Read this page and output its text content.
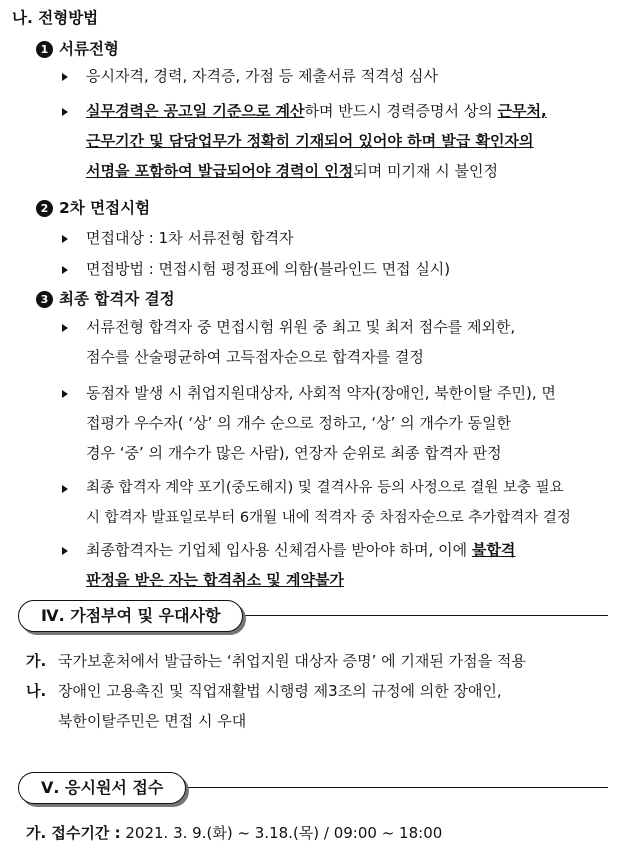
나. 전형방법
1 서류전형
응시자격, 경력, 자격증, 가점 등 제출서류 적격성 심사
실무경력은 공고일 기준으로 계산하며 반드시 경력증명서 상의 근무처,
근무기간 및 담당업무가 정확히 기재되어 있어야 하며 발급 확인자의
서명을 포함하여 발급되어야 경력이 인정되며 미기재 시 불인정
2 2차 면접시험
면접대상 : 1차 서류전형 합격자
면접방법 : 면접시험 평정표에 의함(블라인드 면접 실시)
3 최종 합격자 결정
서류전형 합격자 중 면접시험 위원 중 최고 및 최저 점수를 제외한,
점수를 산술평균하여 고득점자순으로 합격자를 결정
동점자 발생 시 취업지원대상자, 사회적 약자(장애인, 북한이탈 주민), 면
접평가 우수자( ‘상’ 의 개수 순으로 정하고, ‘상’ 의 개수가 동일한
경우 ‘중’ 의 개수가 많은 사람), 연장자 순위로 최종 합격자 판정
최종 합격자 계약 포기(중도해지) 및 결격사유 등의 사정으로 결원 보충 필요
시 합격자 발표일로부터 6개월 내에 적격자 중 차점자순으로 추가합격자 결정
최종합격자는 기업체 입사용 신체검사를 받아야 하며, 이에 불합격
판정을 받은 자는 합격취소 및 계약불가
Ⅳ. 가점부여 및 우대사항
가. 국가보훈처에서 발급하는 ‘취업지원 대상자 증명’ 에 기재된 가점을 적용
나. 장애인 고용촉진 및 직업재활법 시행령 제3조의 규정에 의한 장애인,
북한이탈주민은 면접 시 우대
Ⅴ. 응시원서 접수
가. 접수기간 : 2021. 3. 9.(화) ~ 3.18.(목) / 09:00 ~ 18:00
